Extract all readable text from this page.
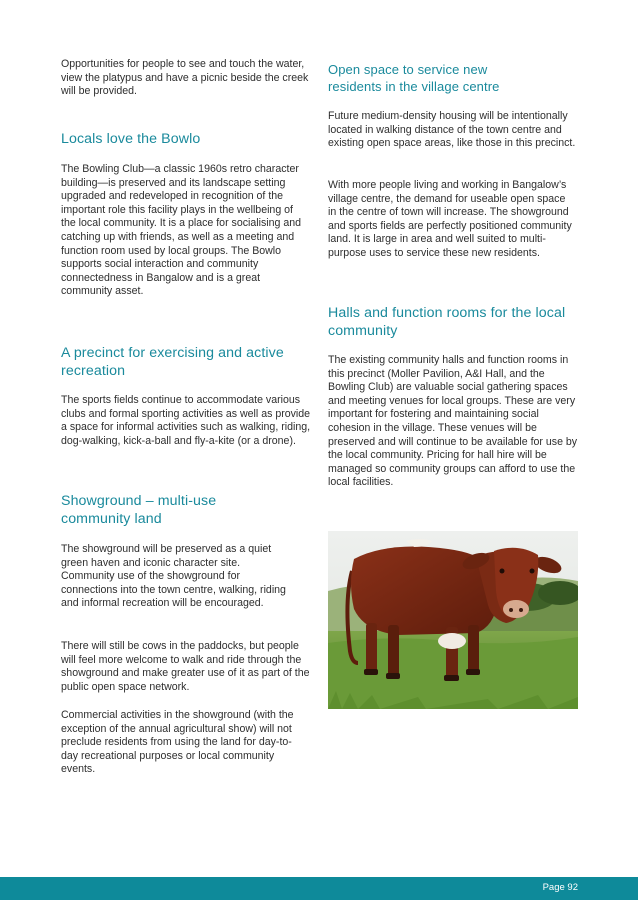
Opportunities for people to see and touch the water, view the platypus and have a picnic beside the creek will be provided.

Locals love the Bowlo

The Bowling Club—a classic 1960s retro character building—is preserved and its landscape setting upgraded and redeveloped in recognition of the important role this facility plays in the wellbeing of the local community. It is a place for socialising and catching up with friends, as well as a meeting and function room used by local groups. The Bowlo supports social interaction and community connectedness in Bangalow and is a great community asset.

A precinct for exercising and active recreation

The sports fields continue to accommodate various clubs and formal sporting activities as well as provide a space for informal activities such as walking, riding, dog-walking, kick-a-ball and fly-a-kite (or a drone).

Showground – multi-use community land

The showground will be preserved as a quiet green haven and iconic character site. Community use of the showground for connections into the town centre, walking, riding and informal recreation will be encouraged.

There will still be cows in the paddocks, but people will feel more welcome to walk and ride through the showground and make greater use of it as part of the public open space network.

Commercial activities in the showground (with the exception of the annual agricultural show) will not preclude residents from using the land for day-to-day recreational purposes or local community events.

Open space to service new residents in the village centre

Future medium-density housing will be intentionally located in walking distance of the town centre and existing open space areas, like those in this precinct.

With more people living and working in Bangalow’s village centre, the demand for useable open space in the centre of town will increase. The showground and sports fields are perfectly positioned community land. It is large in area and well suited to multi-purpose uses to service these new residents.

Halls and function rooms for the local community

The existing community halls and function rooms in this precinct (Moller Pavilion, A&I Hall, and the Bowling Club) are valuable social gathering spaces and meeting venues for local groups. These are very important for fostering and maintaining social cohesion in the village. These venues will be preserved and will continue to be available for use by the local community. Pricing for hall hire will be managed so community groups can afford to use the local facilities.

Page 92
